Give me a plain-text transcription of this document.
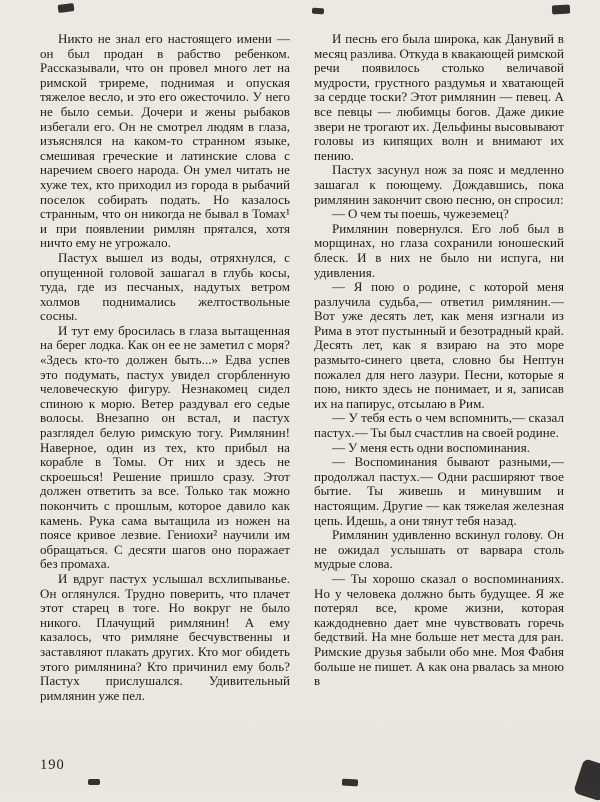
Никто не знал его настоящего имени — он был продан в рабство ребенком. Рассказывали, что он провел много лет на римской триреме, поднимая и опуская тяжелое весло, и это его ожесточило. У него не было семьи. Дочери и жены рыбаков избегали его. Он не смотрел людям в глаза, изъяснялся на каком-то странном языке, смешивая греческие и латинские слова с наречием своего народа. Он умел читать не хуже тех, кто приходил из города в рыбачий поселок собирать подать. Но казалось странным, что он никогда не бывал в Томах¹ и при появлении римлян прятался, хотя ничто ему не угрожало.

Пастух вышел из воды, отряхнулся, с опущенной головой зашагал в глубь косы, туда, где из песчаных, надутых ветром холмов поднимались желтоствольные сосны.

И тут ему бросилась в глаза вытащенная на берег лодка. Как он ее не заметил с моря? «Здесь кто-то должен быть...» Едва успев это подумать, пастух увидел сгорбленную человеческую фигуру. Незнакомец сидел спиною к морю. Ветер раздувал его седые волосы. Внезапно он встал, и пастух разглядел белую римскую тогу. Римлянин! Наверное, один из тех, кто прибыл на корабле в Томы. От них и здесь не скроешься! Решение пришло сразу. Этот должен ответить за все. Только так можно покончить с прошлым, которое давило как камень. Рука сама вытащила из ножен на поясе кривое лезвие. Гениохи² научили им обращаться. С десяти шагов оно поражает без промаха.

И вдруг пастух услышал всхлипыванье. Он оглянулся. Трудно поверить, что плачет этот старец в тоге. Но вокруг не было никого. Плачущий римлянин! А ему казалось, что римляне бесчувственны и заставляют плакать других. Кто мог обидеть этого римлянина? Кто причинил ему боль? Пастух прислушался. Удивительный римлянин уже пел.

И песнь его была широка, как Данувий в месяц разлива. Откуда в квакающей римской речи появилось столько величавой мудрости, грустного раздумья и хватающей за сердце тоски? Этот римлянин — певец. А все певцы — любимцы богов. Даже дикие звери не трогают их. Дельфины высовывают головы из кипящих волн и внимают их пению.

Пастух засунул нож за пояс и медленно зашагал к поющему. Дождавшись, пока римлянин закончит свою песню, он спросил:

— О чем ты поешь, чужеземец?

Римлянин повернулся. Его лоб был в морщинах, но глаза сохранили юношеский блеск. И в них не было ни испуга, ни удивления.

— Я пою о родине, с которой меня разлучила судьба,— ответил римлянин.— Вот уже десять лет, как меня изгнали из Рима в этот пустынный и безотрадный край. Десять лет, как я взираю на это море размыто-синего цвета, словно бы Нептун пожалел для него лазури. Песни, которые я пою, никто здесь не понимает, и я, записав их на папирус, отсылаю в Рим.

— У тебя есть о чем вспомнить,— сказал пастух.— Ты был счастлив на своей родине.

— У меня есть одни воспоминания.

— Воспоминания бывают разными,— продолжал пастух.— Одни расширяют твое бытие. Ты живешь и минувшим и настоящим. Другие — как тяжелая железная цепь. Идешь, а они тянут тебя назад.

Римлянин удивленно вскинул голову. Он не ожидал услышать от варвара столь мудрые слова.

— Ты хорошо сказал о воспоминаниях. Но у человека должно быть будущее. Я же потерял все, кроме жизни, которая каждодневно дает мне чувствовать горечь бедствий. На мне больше нет места для ран. Римские друзья забыли обо мне. Моя Фабия больше не пишет. А как она рвалась за мною в

190
